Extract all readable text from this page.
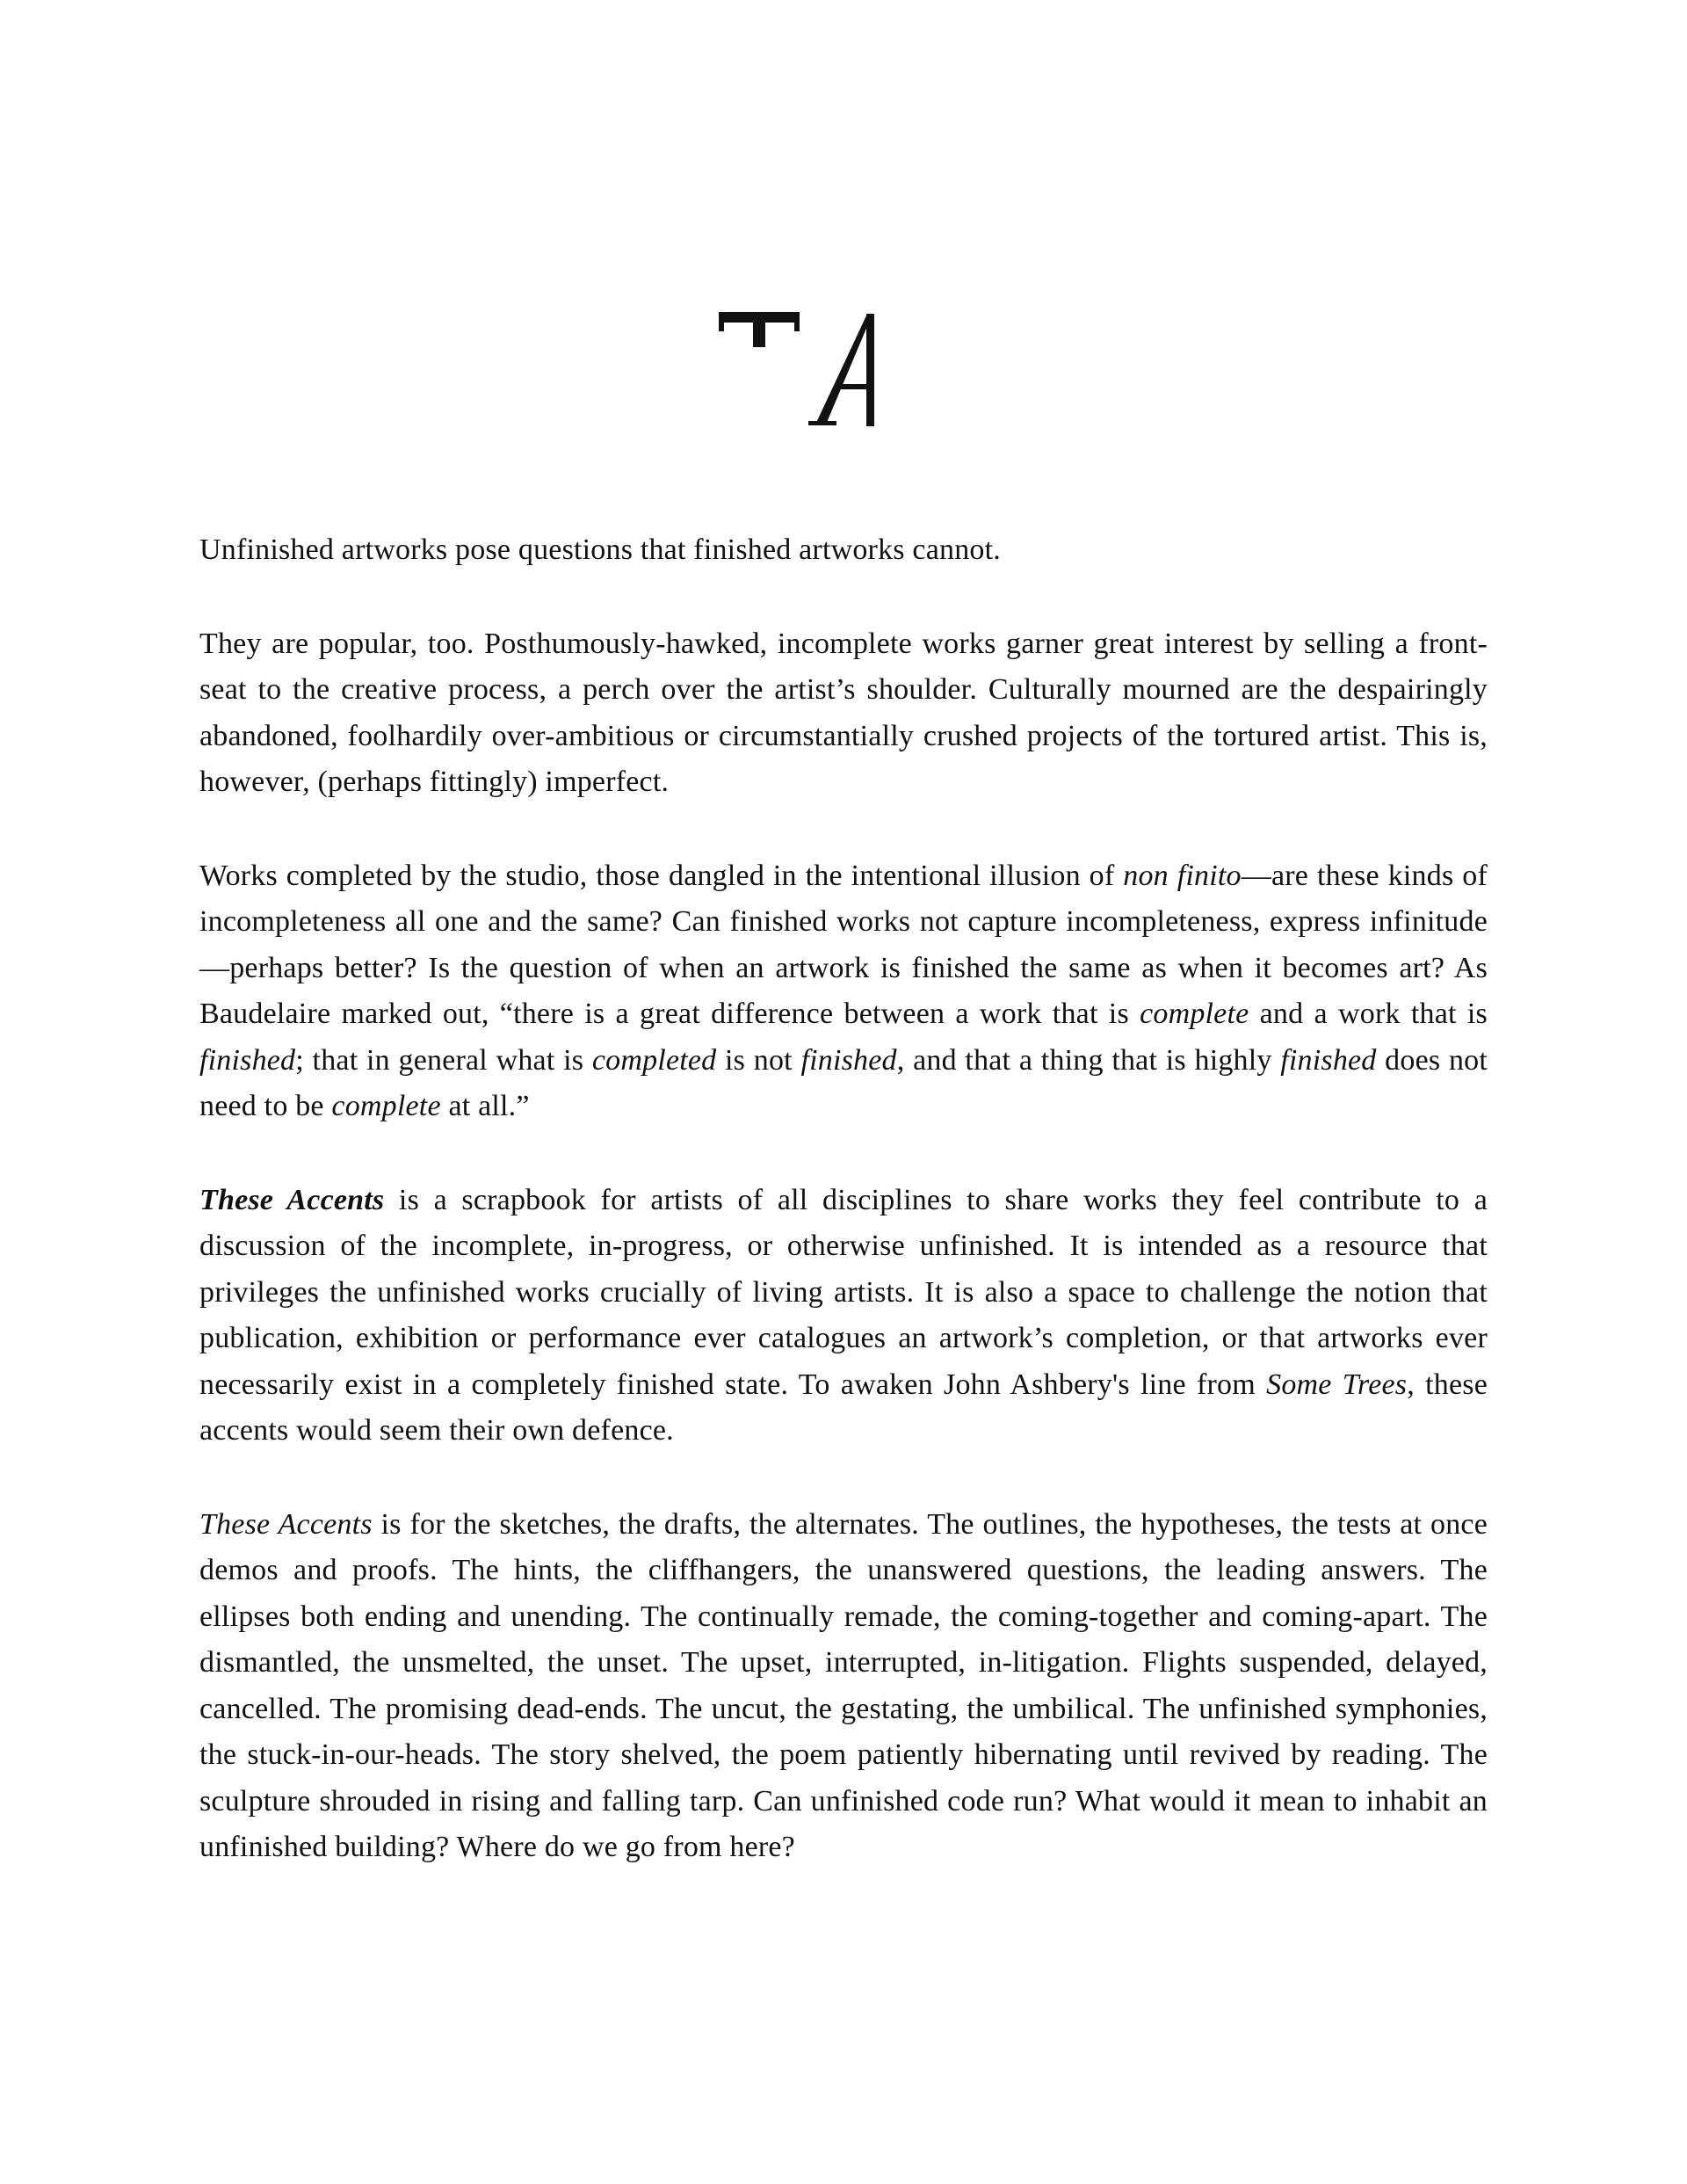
Unfinished artworks pose questions that finished artworks cannot.

They are popular, too. Posthumously-hawked, incomplete works garner great interest by selling a front-seat to the creative process, a perch over the artist’s shoulder. Culturally mourned are the despairingly abandoned, foolhardily over-ambitious or circumstantially crushed projects of the tortured artist. This is, however, (perhaps fittingly) imperfect.

Works completed by the studio, those dangled in the intentional illusion of non finito—are these kinds of incompleteness all one and the same? Can finished works not capture incompleteness, express infinitude—perhaps better? Is the question of when an artwork is finished the same as when it becomes art? As Baudelaire marked out, “there is a great difference between a work that is complete and a work that is finished; that in general what is completed is not finished, and that a thing that is highly finished does not need to be complete at all.”

These Accents is a scrapbook for artists of all disciplines to share works they feel contribute to a discussion of the incomplete, in-progress, or otherwise unfinished. It is intended as a resource that privileges the unfinished works crucially of living artists. It is also a space to challenge the notion that publication, exhibition or performance ever catalogues an artwork’s completion, or that artworks ever necessarily exist in a completely finished state. To awaken John Ashbery's line from Some Trees, these accents would seem their own defence.

These Accents is for the sketches, the drafts, the alternates. The outlines, the hypotheses, the tests at once demos and proofs. The hints, the cliffhangers, the unanswered questions, the leading answers. The ellipses both ending and unending. The continually remade, the coming-together and coming-apart. The dismantled, the unsmelted, the unset. The upset, interrupted, in-litigation. Flights suspended, delayed, cancelled. The promising dead-ends. The uncut, the gestating, the umbilical. The unfinished symphonies, the stuck-in-our-heads. The story shelved, the poem patiently hibernating until revived by reading. The sculpture shrouded in rising and falling tarp. Can unfinished code run? What would it mean to inhabit an unfinished building? Where do we go from here?
